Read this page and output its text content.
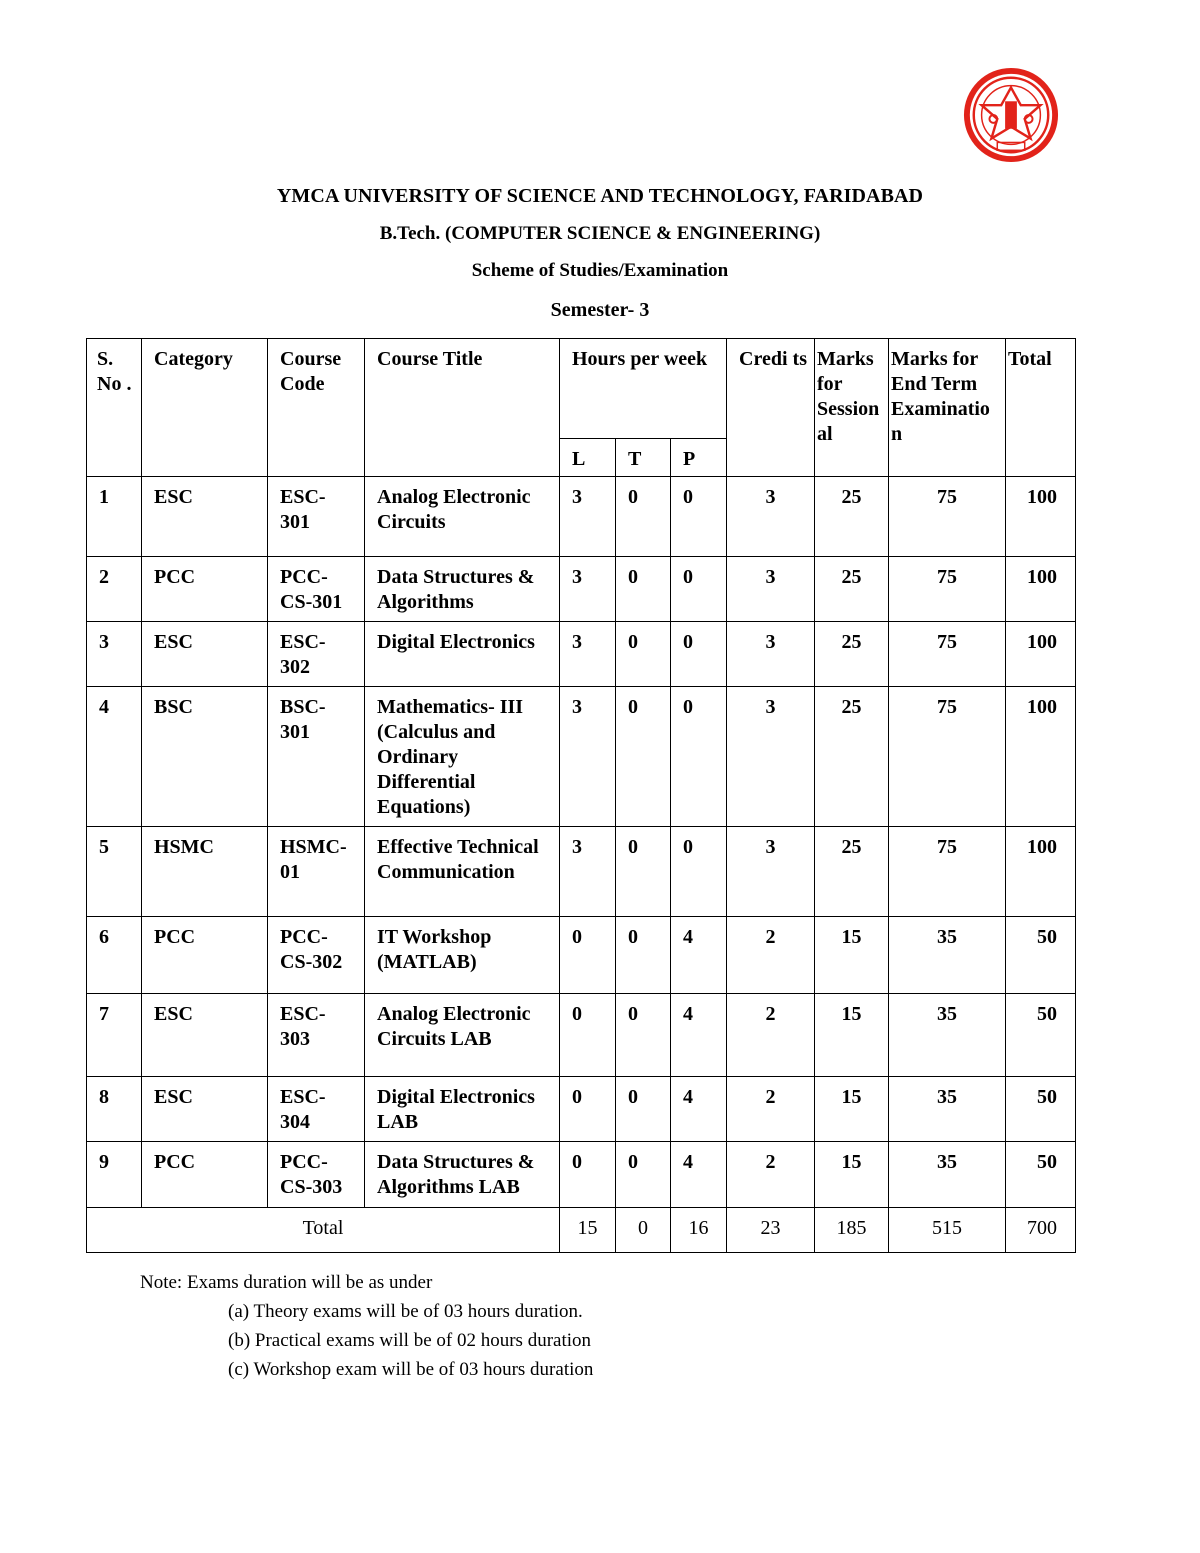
YMCA UNIVERSITY OF SCIENCE AND TECHNOLOGY, FARIDABAD
B.Tech. (COMPUTER SCIENCE & ENGINEERING)
Scheme of Studies/Examination
Semester- 3
S. No .	Category	Course Code	Course Title	Hours per week			Credi ts	Marks for Session al	Marks for End Term Examinatio n	Total
				L	T	P				
1	ESC	ESC- 301	Analog Electronic Circuits	3	0	0	3	25	75	100
2	PCC	PCC- CS-301	Data Structures & Algorithms	3	0	0	3	25	75	100
3	ESC	ESC- 302	Digital Electronics	3	0	0	3	25	75	100
4	BSC	BSC- 301	Mathematics- III (Calculus and Ordinary Differential Equations)	3	0	0	3	25	75	100
5	HSMC	HSMC- 01	Effective Technical Communication	3	0	0	3	25	75	100
6	PCC	PCC- CS-302	IT Workshop (MATLAB)	0	0	4	2	15	35	50
7	ESC	ESC- 303	Analog Electronic Circuits LAB	0	0	4	2	15	35	50
8	ESC	ESC- 304	Digital Electronics LAB	0	0	4	2	15	35	50
9	PCC	PCC- CS-303	Data Structures & Algorithms LAB	0	0	4	2	15	35	50
Total				15	0	16	23	185	515	700
Note: Exams duration will be as under
(a) Theory exams will be of 03 hours duration.
(b) Practical exams will be of 02 hours duration
(c) Workshop exam will be of 03 hours duration
